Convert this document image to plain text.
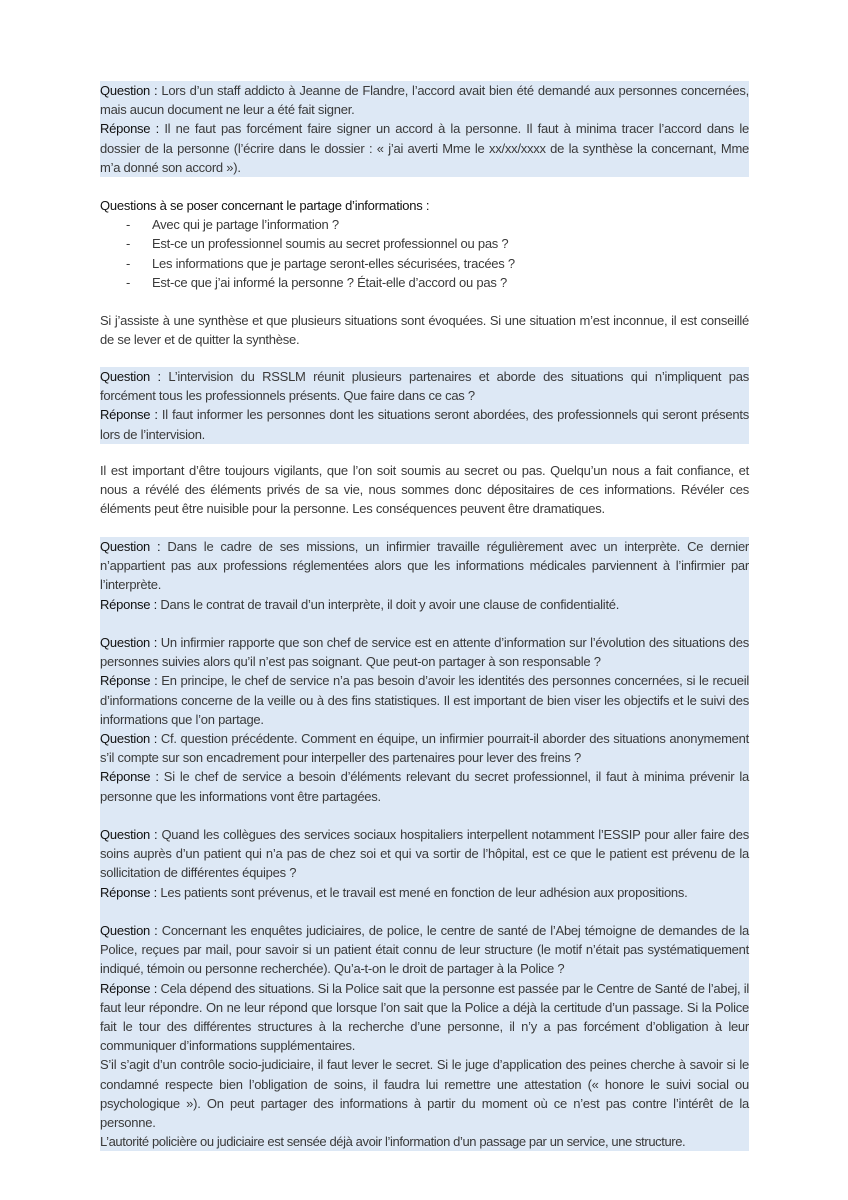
Question : Lors d’un staff addicto à Jeanne de Flandre, l’accord avait bien été demandé aux personnes concernées, mais aucun document ne leur a été fait signer.

Réponse : Il ne faut pas forcément faire signer un accord à la personne. Il faut à minima tracer l’accord dans le dossier de la personne (l’écrire dans le dossier : « j’ai averti Mme le xx/xx/xxxx de la synthèse la concernant, Mme m’a donné son accord »).

Questions à se poser concernant le partage d’informations :

- Avec qui je partage l’information ?
- Est-ce un professionnel soumis au secret professionnel ou pas ?
- Les informations que je partage seront-elles sécurisées, tracées ?
- Est-ce que j’ai informé la personne ? Était-elle d’accord ou pas ?

Si j’assiste à une synthèse et que plusieurs situations sont évoquées. Si une situation m’est inconnue, il est conseillé de se lever et de quitter la synthèse.

Question : L’intervision du RSSLM réunit plusieurs partenaires et aborde des situations qui n’impliquent pas forcément tous les professionnels présents. Que faire dans ce cas ?

Réponse : Il faut informer les personnes dont les situations seront abordées, des professionnels qui seront présents lors de l’intervision.

Il est important d’être toujours vigilants, que l’on soit soumis au secret ou pas. Quelqu’un nous a fait confiance, et nous a révélé des éléments privés de sa vie, nous sommes donc dépositaires de ces informations. Révéler ces éléments peut être nuisible pour la personne. Les conséquences peuvent être dramatiques.

Question : Dans le cadre de ses missions, un infirmier travaille régulièrement avec un interprète. Ce dernier n’appartient pas aux professions réglementées alors que les informations médicales parviennent à l’infirmier par l’interprète.

Réponse : Dans le contrat de travail d’un interprète, il doit y avoir une clause de confidentialité.

Question : Un infirmier rapporte que son chef de service est en attente d’information sur l’évolution des situations des personnes suivies alors qu’il n’est pas soignant. Que peut-on partager à son responsable ?

Réponse : En principe, le chef de service n’a pas besoin d’avoir les identités des personnes concernées, si le recueil d’informations concerne de la veille ou à des fins statistiques. Il est important de bien viser les objectifs et le suivi des informations que l’on partage.

Question : Cf. question précédente. Comment en équipe, un infirmier pourrait-il aborder des situations anonymement s’il compte sur son encadrement pour interpeller des partenaires pour lever des freins ?

Réponse : Si le chef de service a besoin d’éléments relevant du secret professionnel, il faut à minima prévenir la personne que les informations vont être partagées.

Question : Quand les collègues des services sociaux hospitaliers interpellent notamment l’ESSIP pour aller faire des soins auprès d’un patient qui n’a pas de chez soi et qui va sortir de l’hôpital, est ce que le patient est prévenu de la sollicitation de différentes équipes ?

Réponse : Les patients sont prévenus, et le travail est mené en fonction de leur adhésion aux propositions.

Question : Concernant les enquêtes judiciaires, de police, le centre de santé de l’Abej témoigne de demandes de la Police, reçues par mail, pour savoir si un patient était connu de leur structure (le motif n’était pas systématiquement indiqué, témoin ou personne recherchée). Qu’a-t-on le droit de partager à la Police ?

Réponse : Cela dépend des situations. Si la Police sait que la personne est passée par le Centre de Santé de l’abej, il faut leur répondre. On ne leur répond que lorsque l’on sait que la Police a déjà la certitude d’un passage. Si la Police fait le tour des différentes structures à la recherche d’une personne, il n’y a pas forcément d’obligation à leur communiquer d’informations supplémentaires.

S’il s’agit d’un contrôle socio-judiciaire, il faut lever le secret. Si le juge d’application des peines cherche à savoir si le condamné respecte bien l’obligation de soins, il faudra lui remettre une attestation (« honore le suivi social ou psychologique »). On peut partager des informations à partir du moment où ce n’est pas contre l’intérêt de la personne.

L’autorité policière ou judiciaire est sensée déjà avoir l’information d’un passage par un service, une structure.
